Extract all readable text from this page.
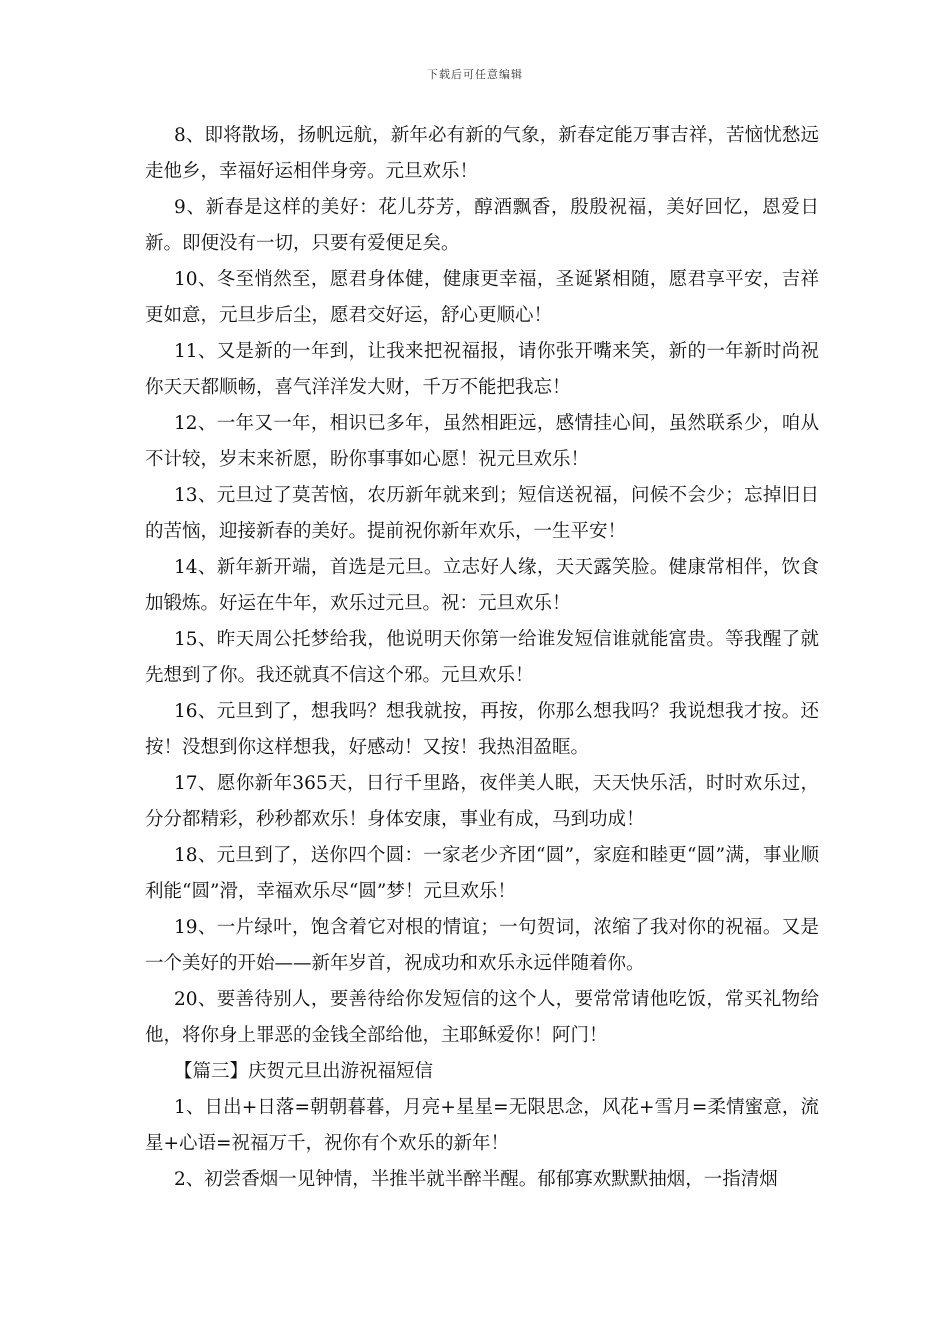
下载后可任意编辑

8、即将散场，扬帆远航，新年必有新的气象，新春定能万事吉祥，苦恼忧愁远走他乡，幸福好运相伴身旁。元旦欢乐！

9、新春是这样的美好：花儿芬芳，醇酒飘香，殷殷祝福，美好回忆，恩爱日新。即便没有一切，只要有爱便足矣。

10、冬至悄然至，愿君身体健，健康更幸福，圣诞紧相随，愿君享平安，吉祥更如意，元旦步后尘，愿君交好运，舒心更顺心！

11、又是新的一年到，让我来把祝福报，请你张开嘴来笑，新的一年新时尚祝你天天都顺畅，喜气洋洋发大财，千万不能把我忘！

12、一年又一年，相识已多年，虽然相距远，感情挂心间，虽然联系少，咱从不计较，岁末来祈愿，盼你事事如心愿！祝元旦欢乐！

13、元旦过了莫苦恼，农历新年就来到；短信送祝福，问候不会少；忘掉旧日的苦恼，迎接新春的美好。提前祝你新年欢乐，一生平安！

14、新年新开端，首选是元旦。立志好人缘，天天露笑脸。健康常相伴，饮食加锻炼。好运在牛年，欢乐过元旦。祝：元旦欢乐！

15、昨天周公托梦给我，他说明天你第一给谁发短信谁就能富贵。等我醒了就先想到了你。我还就真不信这个邪。元旦欢乐！

16、元旦到了，想我吗？想我就按，再按，你那么想我吗？我说想我才按。还按！没想到你这样想我，好感动！又按！我热泪盈眶。

17、愿你新年365天，日行千里路，夜伴美人眠，天天快乐活，时时欢乐过，分分都精彩，秒秒都欢乐！身体安康，事业有成，马到功成！

18、元旦到了，送你四个圆：一家老少齐团“圆”，家庭和睦更“圆”满，事业顺利能“圆”滑，幸福欢乐尽“圆”梦！元旦欢乐！

19、一片绿叶，饱含着它对根的情谊；一句贺词，浓缩了我对你的祝福。又是一个美好的开始——新年岁首，祝成功和欢乐永远伴随着你。

20、要善待别人，要善待给你发短信的这个人，要常常请他吃饭，常买礼物给他，将你身上罪恶的金钱全部给他，主耶稣爱你！阿门！

【篇三】庆贺元旦出游祝福短信

1、日出+日落=朝朝暮暮，月亮+星星=无限思念，风花+雪月=柔情蜜意，流星+心语=祝福万千，祝你有个欢乐的新年！

2、初尝香烟一见钟情，半推半就半醉半醒。郁郁寡欢默默抽烟，一指清烟
